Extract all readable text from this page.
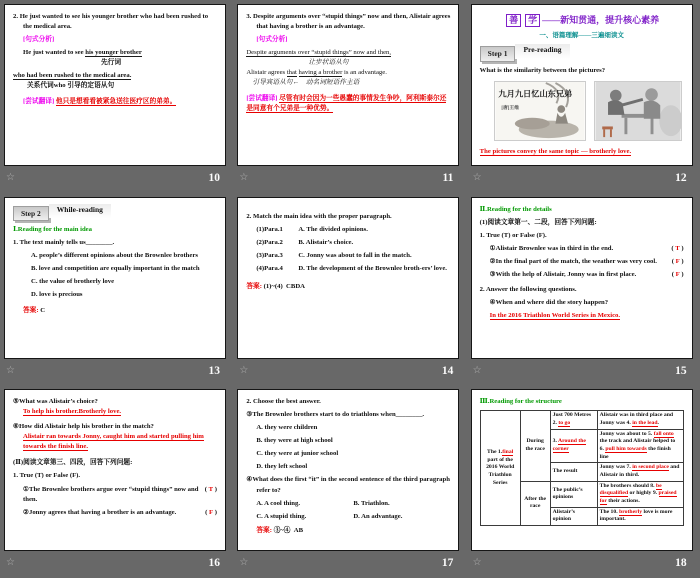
2. He just wanted to see his younger brother who had been rushed to the medical area.
[句式分析]
He just wanted to see his younger brother
先行词
who had been rushed to the medical area.
关系代词who 引导的定语从句
[尝试翻译] 他只是想看看被紧急送往医疗区的弟弟。
☆	10
3. Despite arguments over “stupid things” now and then, Alistair agrees that having a brother is an advantage.
[句式分析]
Despite arguments over “stupid things” now and then,
让步状语从句
Alistair agrees that having a brother is an advantage.
引导宾语从句←　动名词短语作主语
[尝试翻译] 尽管有时会因为一些愚蠢的事情发生争吵，阿利斯泰尔还是同意有个兄弟是一种优势。
☆	11
善 学 ——新知贯通，提升核心素养
一、语篇理解——三遍细读文
Step 1	Pre-reading
What is the similarity between the pictures?
九月九日忆山东兄弟
[唐]王维
The pictures convey the same topic — brotherly love.
☆	12
Step 2	While-reading
Ⅰ.Reading for the main idea
1. The text mainly tells us________.
A. people’s different opinions about the Brownlee brothers
B. love and competition are equally important in the match
C. the value of brotherly love
D. love is precious
答案: C
☆	13
2. Match the main idea with the proper paragraph.
(1)Para.1	A. The divided opinions.
(2)Para.2	B. Alistair’s choice.
(3)Para.3	C. Jonny was about to fall in the match.
(4)Para.4	D. The development of the Brownlee broth-ers’ love.
答案: (1)~(4)  CBDA
☆	14
Ⅱ.Reading for the details
(1)阅读文章第一、二段，回答下列问题:
1. True (T) or False (F).
( T )
①Alistair Brownlee was in third in the end.
( F )
②In the final part of the match, the weather was very cool.
( F )
③With the help of Alistair, Jonny was in first place.
2. Answer the following questions.
④When and where did the story happen?
In the 2016 Triathlon World Series in Mexico.
☆	15
⑤What was Alistair’s choice?
To help his brother.Brotherly love.
⑥How did Alistair help his brother in the match?
Alistair ran towards Jonny, caught him and started pulling him towards the finish line.
(Ⅱ)阅读文章第三、四段，回答下列问题:
1. True (T) or False (F).
( T )
①The Brownlee brothers argue over “stupid things” now and then.
( F )
②Jonny agrees that having a brother is an advantage.
☆	16
2. Choose the best answer.
③The Brownlee brothers start to do triathlons when________.
A. they were children
B. they were at high school
C. they were at junior school
D. they left school
④What does the first “it” in the second sentence of the third paragraph refer to?
A. A cool thing.	B. Triathlon.
C. A stupid thing.	D. An advantage.
答案: ③~④  AB
☆	17
Ⅲ.Reading for the structure
The 1.final part of the 2016 World Triathlon Series	During the race	Just 700 Metres 2. to go	Alistair was in third place and Jonny was 4. in the lead.
		3. Around the corner	Jonny was about to 5. fall onto the track and Alistair helped to 6. pull him towards the finish line
		The result	Jonny was 7. in second place and Alistair in third.
	After the race	The public’s opinions	The brothers should 8. be disqualified or highly 9. praised for their actions.
		Alistair’s opinion	The 10. brotherly love is more important.
☆	18
